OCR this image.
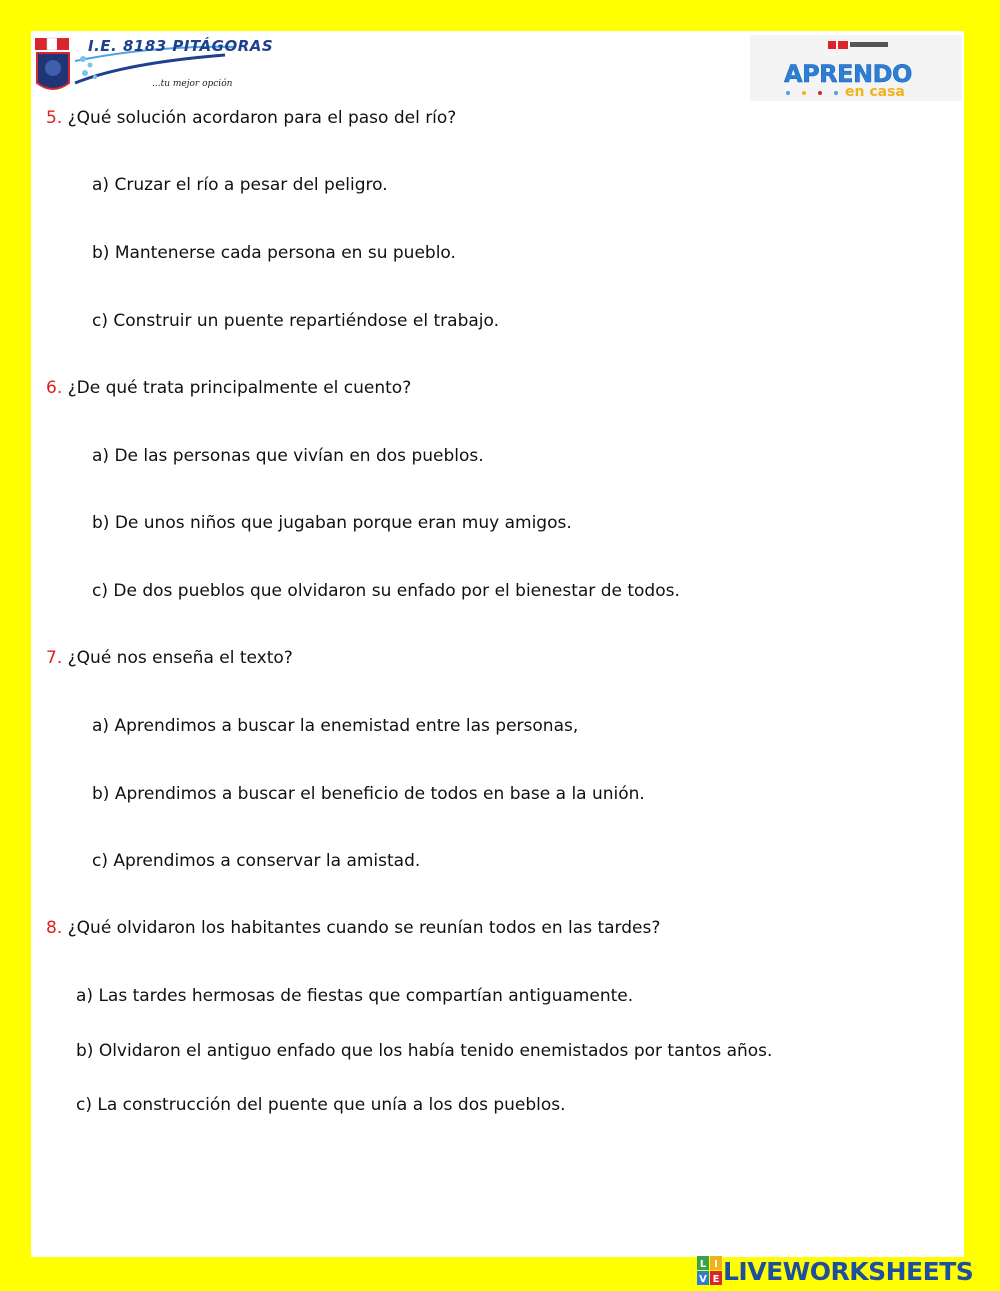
I.E. 8183 PITÁGORAS
...tu mejor opción	APRENDO
en casa
5. ¿Qué solución acordaron para el paso del río?
a) Cruzar el río a pesar del peligro.
b) Mantenerse cada persona en su pueblo.
c) Construir un puente repartiéndose el trabajo.
6. ¿De qué trata principalmente el cuento?
a) De las personas que vivían en dos pueblos.
b) De unos niños que jugaban porque eran muy amigos.
c) De dos pueblos que olvidaron su enfado por el bienestar de todos.
7. ¿Qué nos enseña el texto?
a) Aprendimos a buscar la enemistad entre las personas,
b) Aprendimos a buscar el beneficio de todos en base a la unión.
c) Aprendimos a conservar la amistad.
8. ¿Qué olvidaron los habitantes cuando se reunían todos en las tardes?
a) Las tardes hermosas de fiestas que compartían antiguamente.
b) Olvidaron el antiguo enfado que los había tenido enemistados por tantos años.
c) La construcción del puente que unía a los dos pueblos.
L I
V E LIVEWORKSHEETS
